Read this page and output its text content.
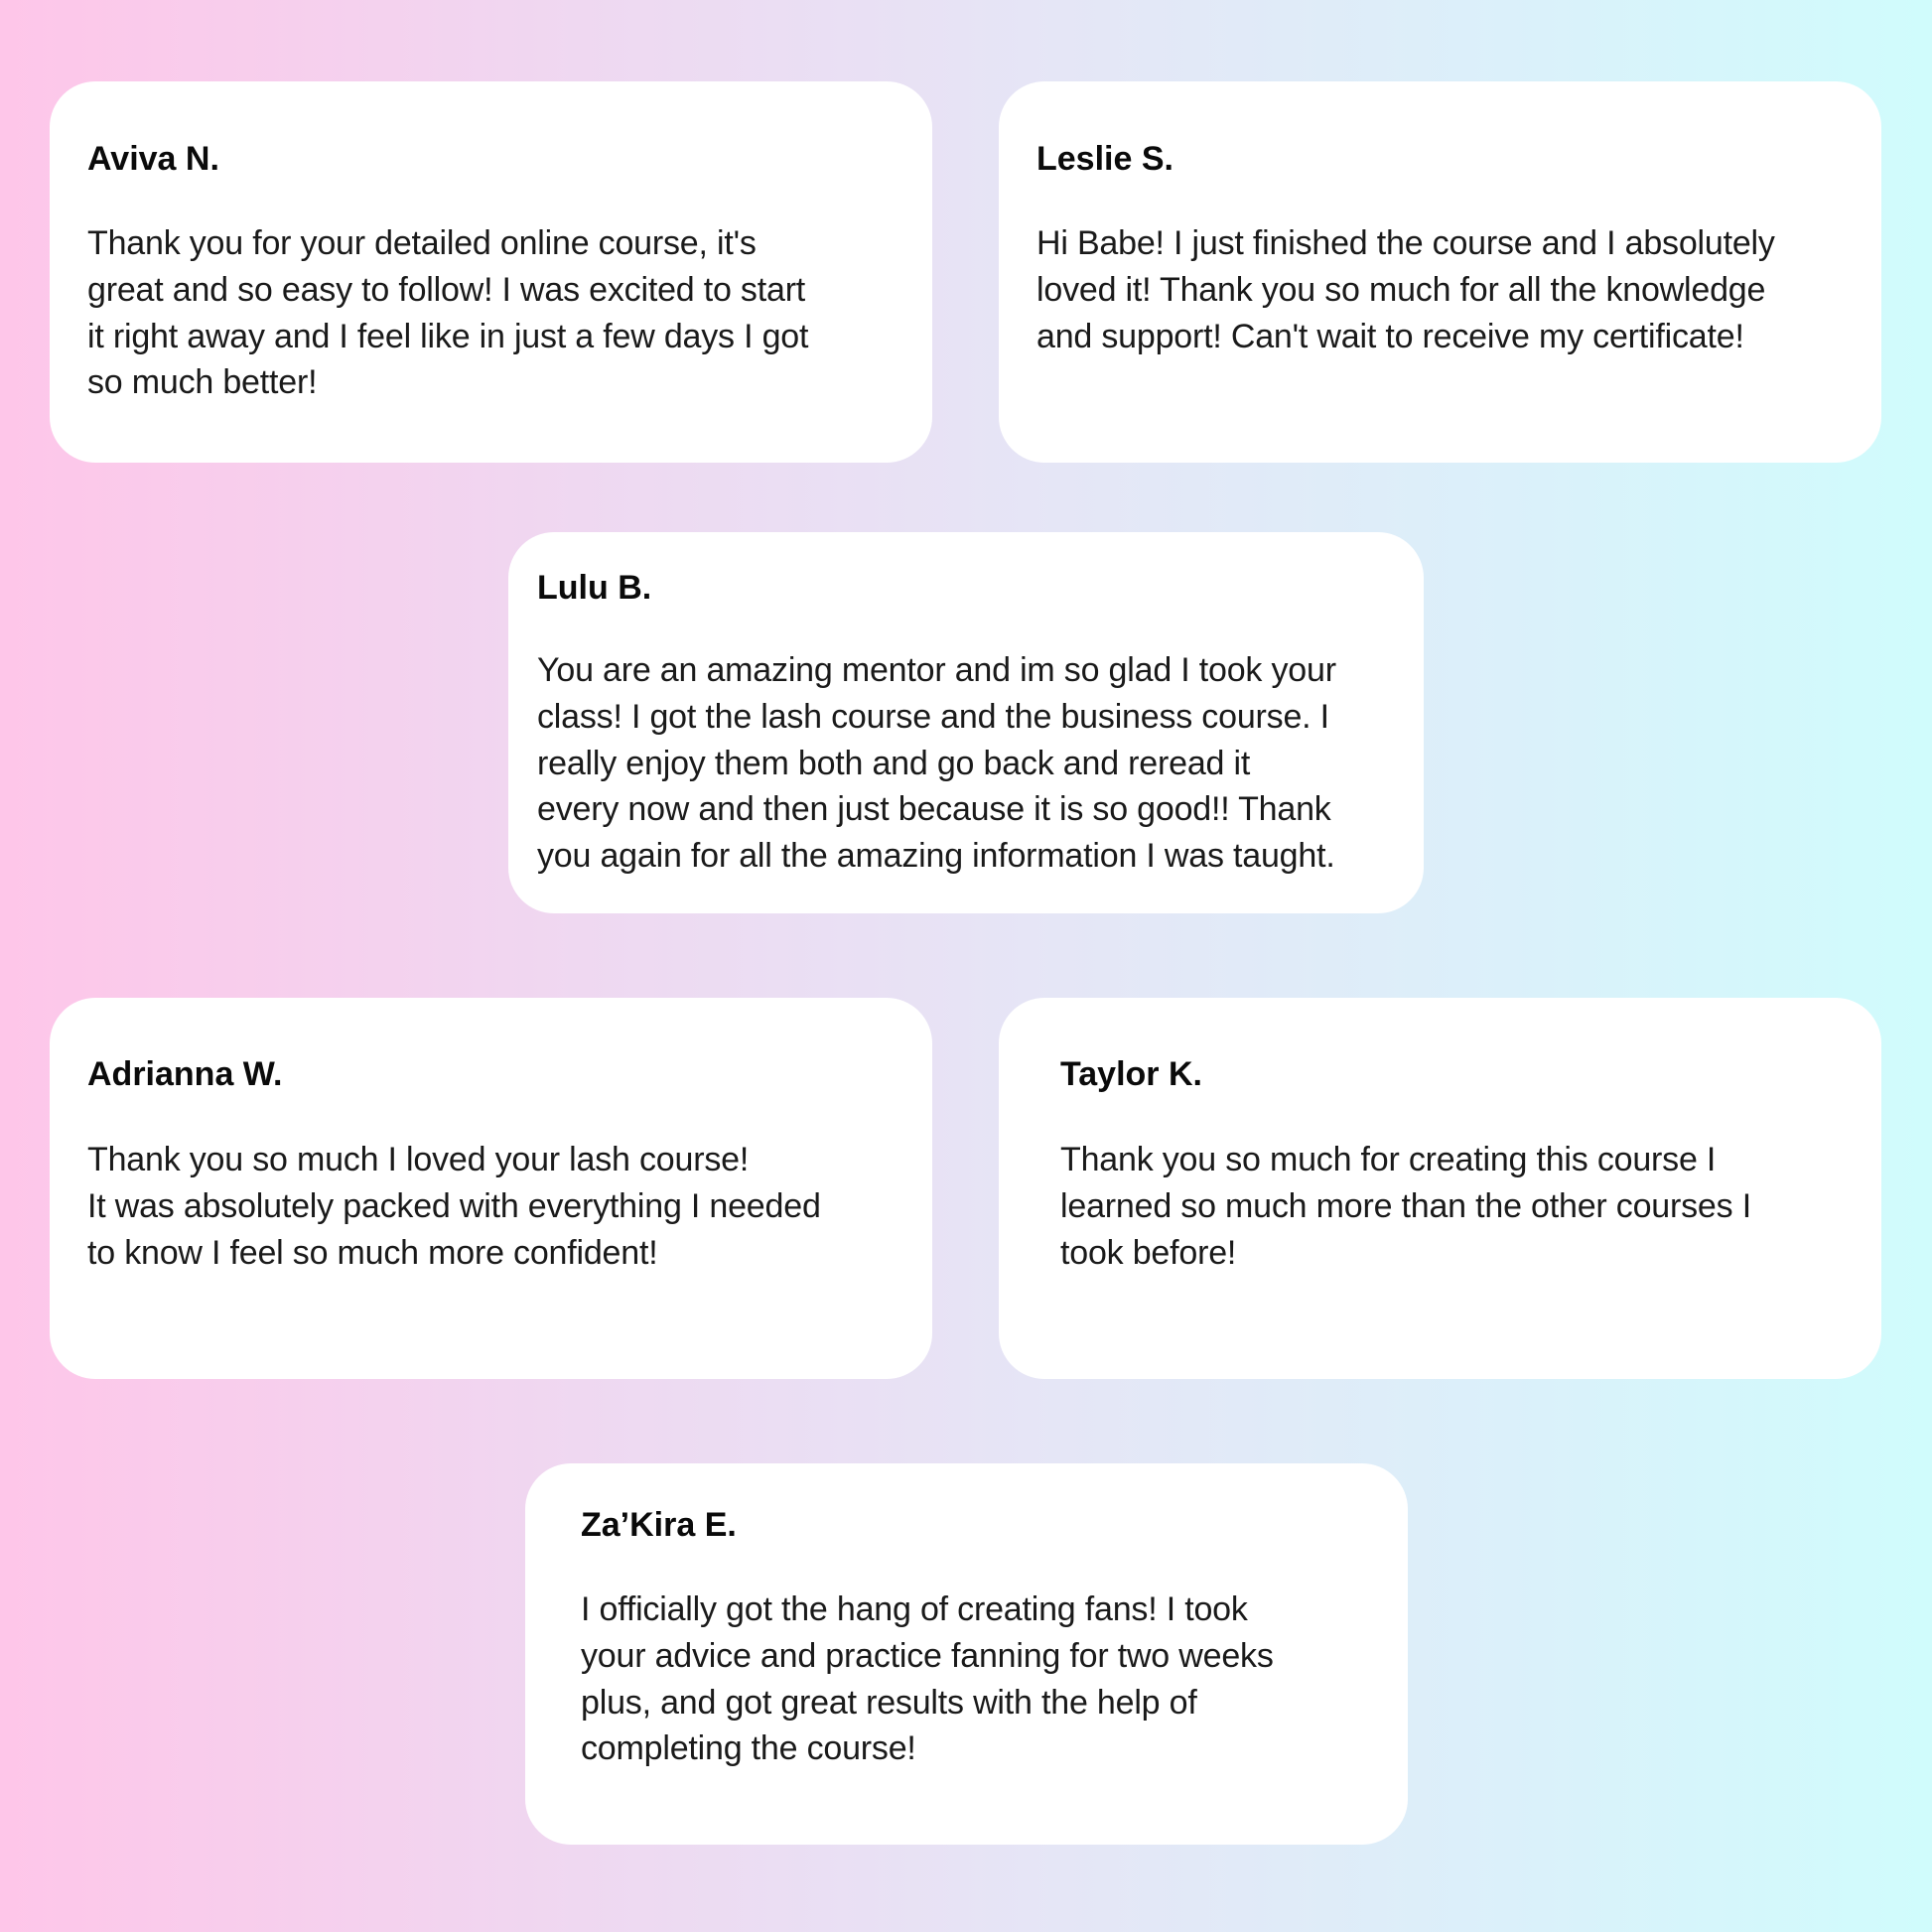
Aviva N.

Thank you for your detailed online course, it's
great and so easy to follow! I was excited to start
it right away and I feel like in just a few days I got
so much better!

Leslie S.

Hi Babe! I just finished the course and I absolutely
loved it! Thank you so much for all the knowledge
and support! Can't wait to receive my certificate!

Lulu B.

You are an amazing mentor and im so glad I took your
class! I got the lash course and the business course. I
really enjoy them both and go back and reread it
every now and then just because it is so good!! Thank
you again for all the amazing information I was taught.

Adrianna W.

Thank you so much I loved your lash course!
It was absolutely packed with everything I needed
to know I feel so much more confident!

Taylor K.

Thank you so much for creating this course I
learned so much more than the other courses I
took before!

Za’Kira E.

I officially got the hang of creating fans! I took
your advice and practice fanning for two weeks
plus, and got great results with the help of
completing the course!
